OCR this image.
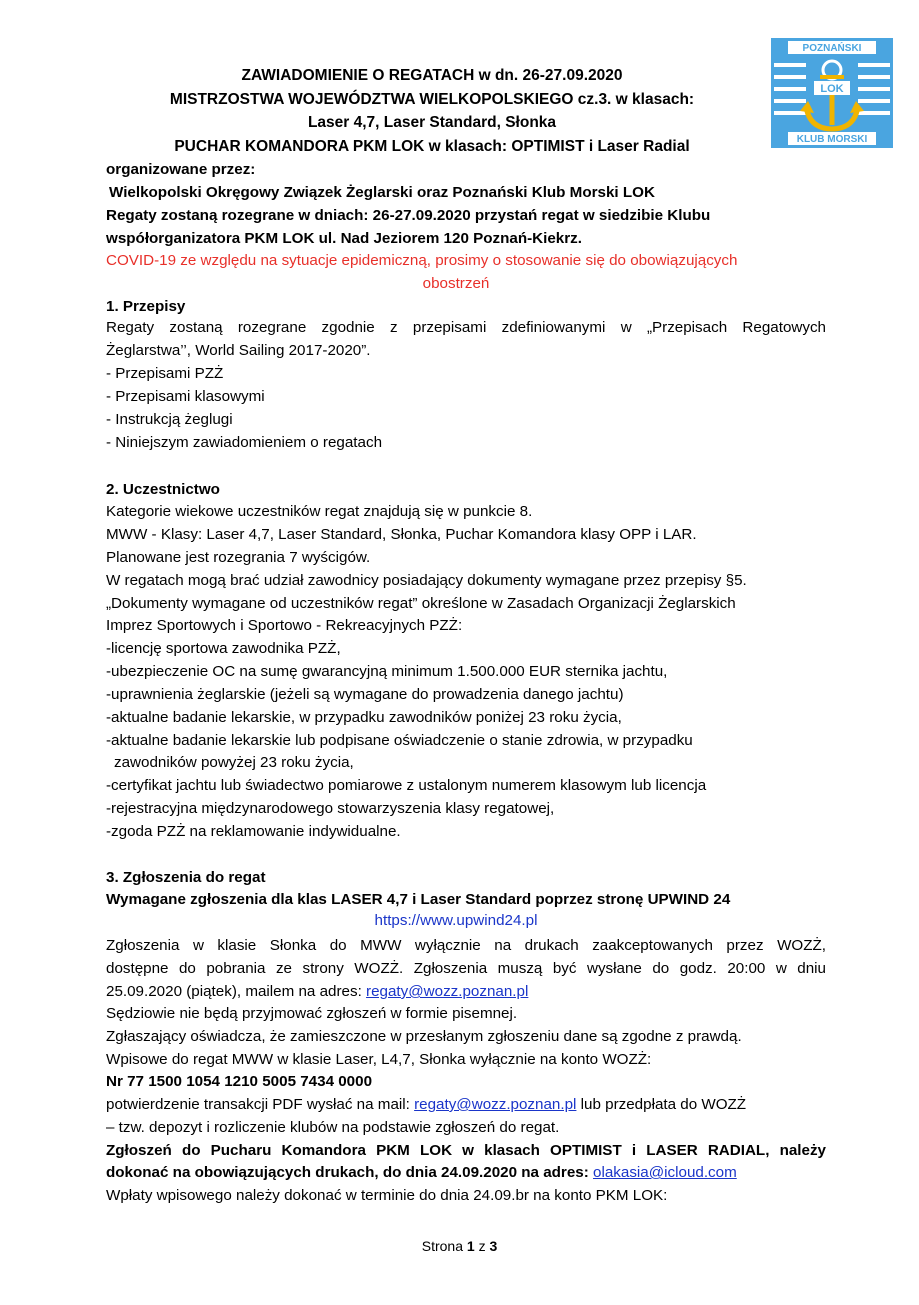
POZNAŃSKI
LOK
KLUB MORSKI
ZAWIADOMIENIE O REGATACH w dn. 26-27.09.2020
MISTRZOSTWA WOJEWÓDZTWA WIELKOPOLSKIEGO cz.3. w klasach:
Laser 4,7, Laser Standard, Słonka
PUCHAR KOMANDORA PKM LOK w klasach: OPTIMIST i Laser Radial
organizowane przez:
Wielkopolski Okręgowy Związek Żeglarski oraz Poznański Klub Morski LOK
Regaty zostaną rozegrane w dniach: 26-27.09.2020 przystań regat w siedzibie Klubu
współorganizatora PKM LOK ul. Nad Jeziorem 120 Poznań-Kiekrz.
COVID-19 ze względu na sytuacje epidemiczną, prosimy o stosowanie się do obowiązujących
obostrzeń
1. Przepisy
Regaty zostaną rozegrane zgodnie z przepisami zdefiniowanymi w „Przepisach Regatowych
Żeglarstwa’’, World Sailing 2017-2020”.
- Przepisami PZŻ
- Przepisami klasowymi
- Instrukcją żeglugi
- Niniejszym zawiadomieniem o regatach
2. Uczestnictwo
Kategorie wiekowe uczestników regat znajdują się w punkcie 8.
MWW - Klasy: Laser 4,7, Laser Standard, Słonka, Puchar Komandora klasy OPP i LAR.
Planowane jest rozegrania 7 wyścigów.
W regatach mogą brać udział zawodnicy posiadający dokumenty wymagane przez przepisy §5.
„Dokumenty wymagane od uczestników regat” określone w Zasadach Organizacji Żeglarskich
Imprez Sportowych i Sportowo - Rekreacyjnych PZŻ:
-licencję sportowa zawodnika PZŻ,
-ubezpieczenie OC na sumę gwarancyjną minimum 1.500.000 EUR sternika jachtu,
-uprawnienia żeglarskie (jeżeli są wymagane do prowadzenia danego jachtu)
-aktualne badanie lekarskie, w przypadku zawodników poniżej 23 roku życia,
-aktualne badanie lekarskie lub podpisane oświadczenie o stanie zdrowia, w przypadku
zawodników powyżej 23 roku życia,
-certyfikat jachtu lub świadectwo pomiarowe z ustalonym numerem klasowym lub licencja
-rejestracyjna międzynarodowego stowarzyszenia klasy regatowej,
-zgoda PZŻ na reklamowanie indywidualne.
3. Zgłoszenia do regat
Wymagane zgłoszenia dla klas LASER 4,7 i Laser Standard poprzez stronę UPWIND 24
https://www.upwind24.pl
Zgłoszenia w klasie Słonka do MWW wyłącznie na drukach zaakceptowanych przez WOZŻ,
dostępne do pobrania ze strony WOZŻ. Zgłoszenia muszą być wysłane do godz. 20:00 w dniu
25.09.2020 (piątek), mailem na adres: regaty@wozz.poznan.pl
Sędziowie nie będą przyjmować zgłoszeń w formie pisemnej.
Zgłaszający oświadcza, że zamieszczone w przesłanym zgłoszeniu dane są zgodne z prawdą.
Wpisowe do regat MWW w klasie Laser, L4,7, Słonka wyłącznie na konto WOZŻ:
Nr 77 1500 1054 1210 5005 7434 0000
potwierdzenie transakcji PDF wysłać na mail: regaty@wozz.poznan.pl lub przedpłata do WOZŻ
– tzw. depozyt i rozliczenie klubów na podstawie zgłoszeń do regat.
Zgłoszeń do Pucharu Komandora PKM LOK w klasach OPTIMIST i LASER RADIAL, należy
dokonać na obowiązujących drukach, do dnia 24.09.2020 na adres: olakasia@icloud.com
Wpłaty wpisowego należy dokonać w terminie do dnia 24.09.br na konto PKM LOK:
Strona 1 z 3
